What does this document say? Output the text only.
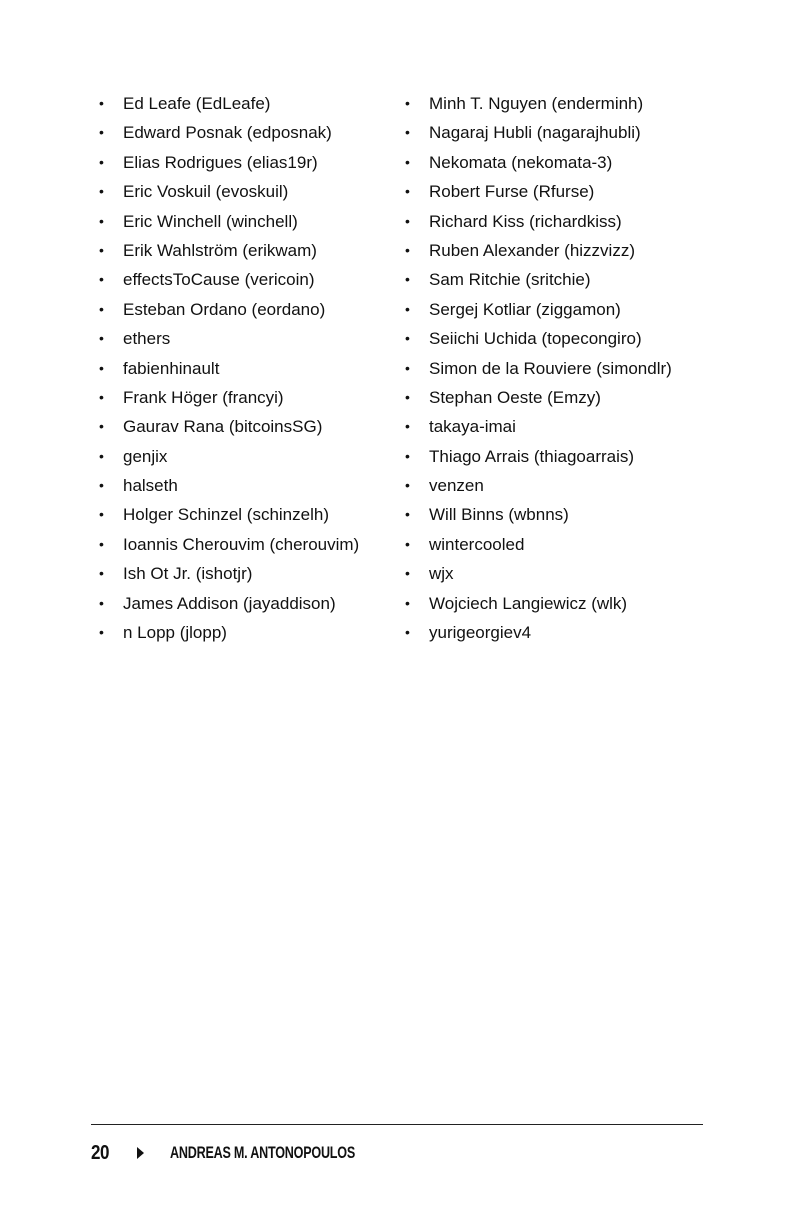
• Ed Leafe (EdLeafe)
• Edward Posnak (edposnak)
• Elias Rodrigues (elias19r)
• Eric Voskuil (evoskuil)
• Eric Winchell (winchell)
• Erik Wahlström (erikwam)
• effectsToCause (vericoin)
• Esteban Ordano (eordano)
• ethers
• fabienhinault
• Frank Höger (francyi)
• Gaurav Rana (bitcoinsSG)
• genjix
• halseth
• Holger Schinzel (schinzelh)
• Ioannis Cherouvim (cherouvim)
• Ish Ot Jr. (ishotjr)
• James Addison (jayaddison)
• n Lopp (jlopp)
• Minh T. Nguyen (enderminh)
• Nagaraj Hubli (nagarajhubli)
• Nekomata (nekomata-3)
• Robert Furse (Rfurse)
• Richard Kiss (richardkiss)
• Ruben Alexander (hizzvizz)
• Sam Ritchie (sritchie)
• Sergej Kotliar (ziggamon)
• Seiichi Uchida (topecongiro)
• Simon de la Rouviere (simondlr)
• Stephan Oeste (Emzy)
• takaya-imai
• Thiago Arrais (thiagoarrais)
• venzen
• Will Binns (wbnns)
• wintercooled
• wjx
• Wojciech Langiewicz (wlk)
• yurigeorgiev4
20	ANDREAS M. ANTONOPOULOS
